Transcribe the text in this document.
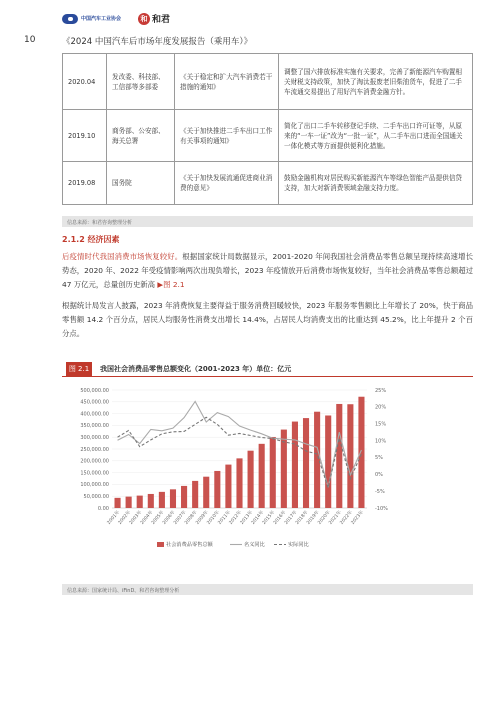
中国汽车工业协会	和 和君
10	《2024 中国汽车后市场年度发展报告（乘用车）》
2020.04	发改委、科技部、工信部等多部委	《关于稳定和扩大汽车消费若干措施的通知》	调整了国六排放标准实施有关要求，完善了新能源汽车购置相关财税支持政策，加快了淘汰报废老旧柴油货车，促进了二手车流通交易提出了用好汽车消费金融方针。
2019.10	商务部、公安部、海关总署	《关于加快推进二手车出口工作有关事项的通知》	简化了出口二手车转移登记手续、二手车出口许可证等，从原来的“一车一证”改为“一批一证”，从二手车出口进而全国通关一体化模式等方面提供便利化措施。
2019.08	国务院	《关于加快发展流通促进商业消费的意见》	鼓励金融机构对居民购买新能源汽车等绿色智能产品提供信贷支持，加大对新消费领域金融支持力度。
信息来源：和君咨询整理分析
2.1.2 经济因素
后疫情时代我国消费市场恢复较好。根据国家统计局数据显示，2001-2020 年间我国社会消费品零售总额呈现持续高速增长势态，2020 年、2022 年受疫情影响两次出现负增长，2023 年疫情放开后消费市场恢复较好，当年社会消费品零售总额超过 47 万亿元，总量创历史新高 ▶图 2.1
根据统计局发言人披露，2023 年消费恢复主要得益于服务消费回暖较快，2023 年服务零售额比上年增长了 20%，快于商品零售额 14.2 个百分点，居民人均服务性消费支出增长 14.4%，占居民人均消费支出的比重达到 45.2%，比上年提升 2 个百分点。
图 2.1	我国社会消费品零售总额变化（2001-2023 年）单位：亿元
0.00
50,000.00
100,000.00
150,000.00
200,000.00
250,000.00
300,000.00
350,000.00
400,000.00
450,000.00
500,000.00
-10%
-5%
0%
5%
10%
15%
20%
25%
2001年
2002年
2003年
2004年
2005年
2006年
2007年
2008年
2009年
2010年
2011年
2012年
2013年
2014年
2015年
2016年
2017年
2018年
2019年
2020年
2021年
2022年
2023年
社会消费品零售总额	名义同比	实际同比
信息来源：国家统计局、iFinD、和君咨询整理分析
